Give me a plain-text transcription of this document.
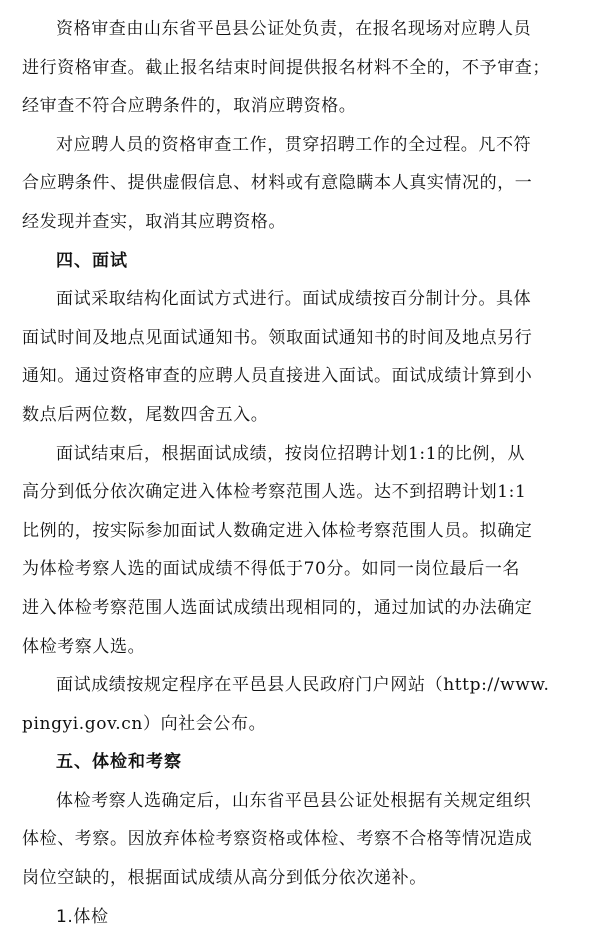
资格审查由山东省平邑县公证处负责，在报名现场对应聘人员
进行资格审查。截止报名结束时间提供报名材料不全的，不予审查；
经审查不符合应聘条件的，取消应聘资格。
对应聘人员的资格审查工作，贯穿招聘工作的全过程。凡不符
合应聘条件、提供虚假信息、材料或有意隐瞒本人真实情况的，一
经发现并查实，取消其应聘资格。
四、面试
面试采取结构化面试方式进行。面试成绩按百分制计分。具体
面试时间及地点见面试通知书。领取面试通知书的时间及地点另行
通知。通过资格审查的应聘人员直接进入面试。面试成绩计算到小
数点后两位数，尾数四舍五入。
面试结束后，根据面试成绩，按岗位招聘计划1:1的比例，从
高分到低分依次确定进入体检考察范围人选。达不到招聘计划1:1
比例的，按实际参加面试人数确定进入体检考察范围人员。拟确定
为体检考察人选的面试成绩不得低于70分。如同一岗位最后一名
进入体检考察范围人选面试成绩出现相同的，通过加试的办法确定
体检考察人选。
面试成绩按规定程序在平邑县人民政府门户网站（http://www.
pingyi.gov.cn）向社会公布。
五、体检和考察
体检考察人选确定后，山东省平邑县公证处根据有关规定组织
体检、考察。因放弃体检考察资格或体检、考察不合格等情况造成
岗位空缺的，根据面试成绩从高分到低分依次递补。
1.体检
